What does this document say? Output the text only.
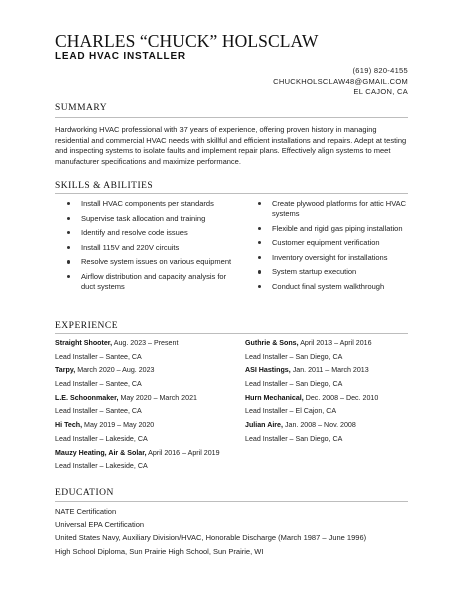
CHARLES “CHUCK” HOLSCLAW
LEAD HVAC INSTALLER
(619) 820-4155
CHUCKHOLSCLAW48@GMAIL.COM
EL CAJON, CA
SUMMARY

Hardworking HVAC professional with 37 years of experience, offering proven history in managing residential and commercial HVAC needs with skillful and efficient installations and repairs. Adept at testing and inspecting systems to isolate faults and implement repair plans. Effectively align systems to meet manufacturer specifications and maximize performance.

SKILLS & ABILITIES
Install HVAC components per standards
Supervise task allocation and training
Identify and resolve code issues
Install 115V and 220V circuits
Resolve system issues on various equipment
Airflow distribution and capacity analysis for duct systems
Create plywood platforms for attic HVAC systems
Flexible and rigid gas piping installation
Customer equipment verification
Inventory oversight for installations
System startup execution
Conduct final system walkthrough
EXPERIENCE
Straight Shooter, Aug. 2023 – Present
Lead Installer – Santee, CA
Tarpy, March 2020 – Aug. 2023
Lead Installer – Santee, CA
L.E. Schoonmaker, May 2020 – March 2021
Lead Installer – Santee, CA
Hi Tech, May 2019 – May 2020
Lead Installer – Lakeside, CA
Mauzy Heating, Air & Solar, April 2016 – April 2019
Lead Installer – Lakeside, CA
Guthrie & Sons, April 2013 – April 2016
Lead Installer – San Diego, CA
ASI Hastings, Jan. 2011 – March 2013
Lead Installer – San Diego, CA
Hurn Mechanical, Dec. 2008 – Dec. 2010
Lead Installer – El Cajon, CA
Julian Aire, Jan. 2008 – Nov. 2008
Lead Installer – San Diego, CA
EDUCATION
NATE Certification
Universal EPA Certification
United States Navy, Auxiliary Division/HVAC, Honorable Discharge (March 1987 – June 1996)
High School Diploma, Sun Prairie High School, Sun Prairie, WI
